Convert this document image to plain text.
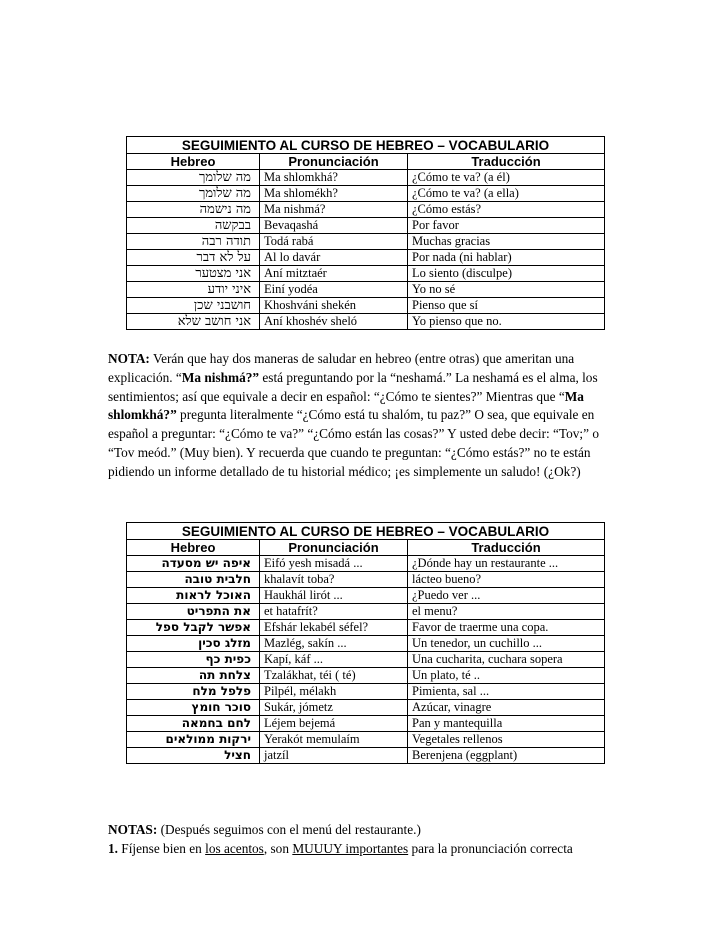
SEGUIMIENTO AL CURSO DE HEBREO – VOCABULARIO		
Hebreo	Pronunciación	Traducción
מה שלומך	Ma shlomkhá?	¿Cómo te va? (a él)
מה שלומך	Ma shlomékh?	¿Cómo te va? (a ella)
מה נישמה	Ma nishmá?	¿Cómo estás?
בבקשה	Bevaqashá	Por favor
תודה רבה	Todá rabá	Muchas gracias
על לא דבר	Al lo davár	Por nada (ni hablar)
אני מצטער	Aní mitztaér	Lo siento (disculpe)
איני יודע	Einí yodéa	Yo no sé
חושבני שכן	Khoshváni shekén	Pienso que sí
אני חושב שלא	Aní khoshév sheló	Yo pienso que no.

NOTA: Verán que hay dos maneras de saludar en hebreo (entre otras) que ameritan una explicación. “Ma nishmá?” está preguntando por la “neshamá.” La neshamá es el alma, los sentimientos; así que equivale a decir en español: “¿Cómo te sientes?” Mientras que “Ma shlomkhá?” pregunta literalmente “¿Cómo está tu shalóm, tu paz?” O sea, que equivale en español a preguntar: “¿Cómo te va?” “¿Cómo están las cosas?” Y usted debe decir: “Tov;” o “Tov meód.” (Muy bien). Y recuerda que cuando te preguntan: “¿Cómo estás?” no te están pidiendo un informe detallado de tu historial médico; ¡es simplemente un saludo! (¿Ok?)

SEGUIMIENTO AL CURSO DE HEBREO – VOCABULARIO		
Hebreo	Pronunciación	Traducción
איפה יש מסעדה	Eifó yesh misadá ...	¿Dónde hay un restaurante ...
חלבית טובה	khalavít toba?	lácteo bueno?
האוכל לראות	Haukhál lirót ...	¿Puedo ver ...
את התפריט	et hatafrít?	el menu?
אפשר לקבל ספל	Efshár lekabél séfel?	Favor de traerme una copa.
מזלג סכין	Mazlég, sakín ...	Un tenedor, un cuchillo ...
כפית כף	Kapí, káf ...	Una cucharita, cuchara sopera
צלחת תה	Tzalákhat, téi ( té)	Un plato, té ..
פלפל מלח	Pilpél, mélakh	Pimienta, sal ...
סוכר חומץ	Sukár, jómetz	Azúcar, vinagre
לחם בחמאה	Léjem bejemá	Pan y mantequilla
ירקות ממולאים	Yerakót memulaím	Vegetales rellenos
חציל	jatzíl	Berenjena (eggplant)
NOTAS: (Después seguimos con el menú del restaurante.)
1. Fíjense bien en los acentos, son MUUUY importantes para la pronunciación correcta
